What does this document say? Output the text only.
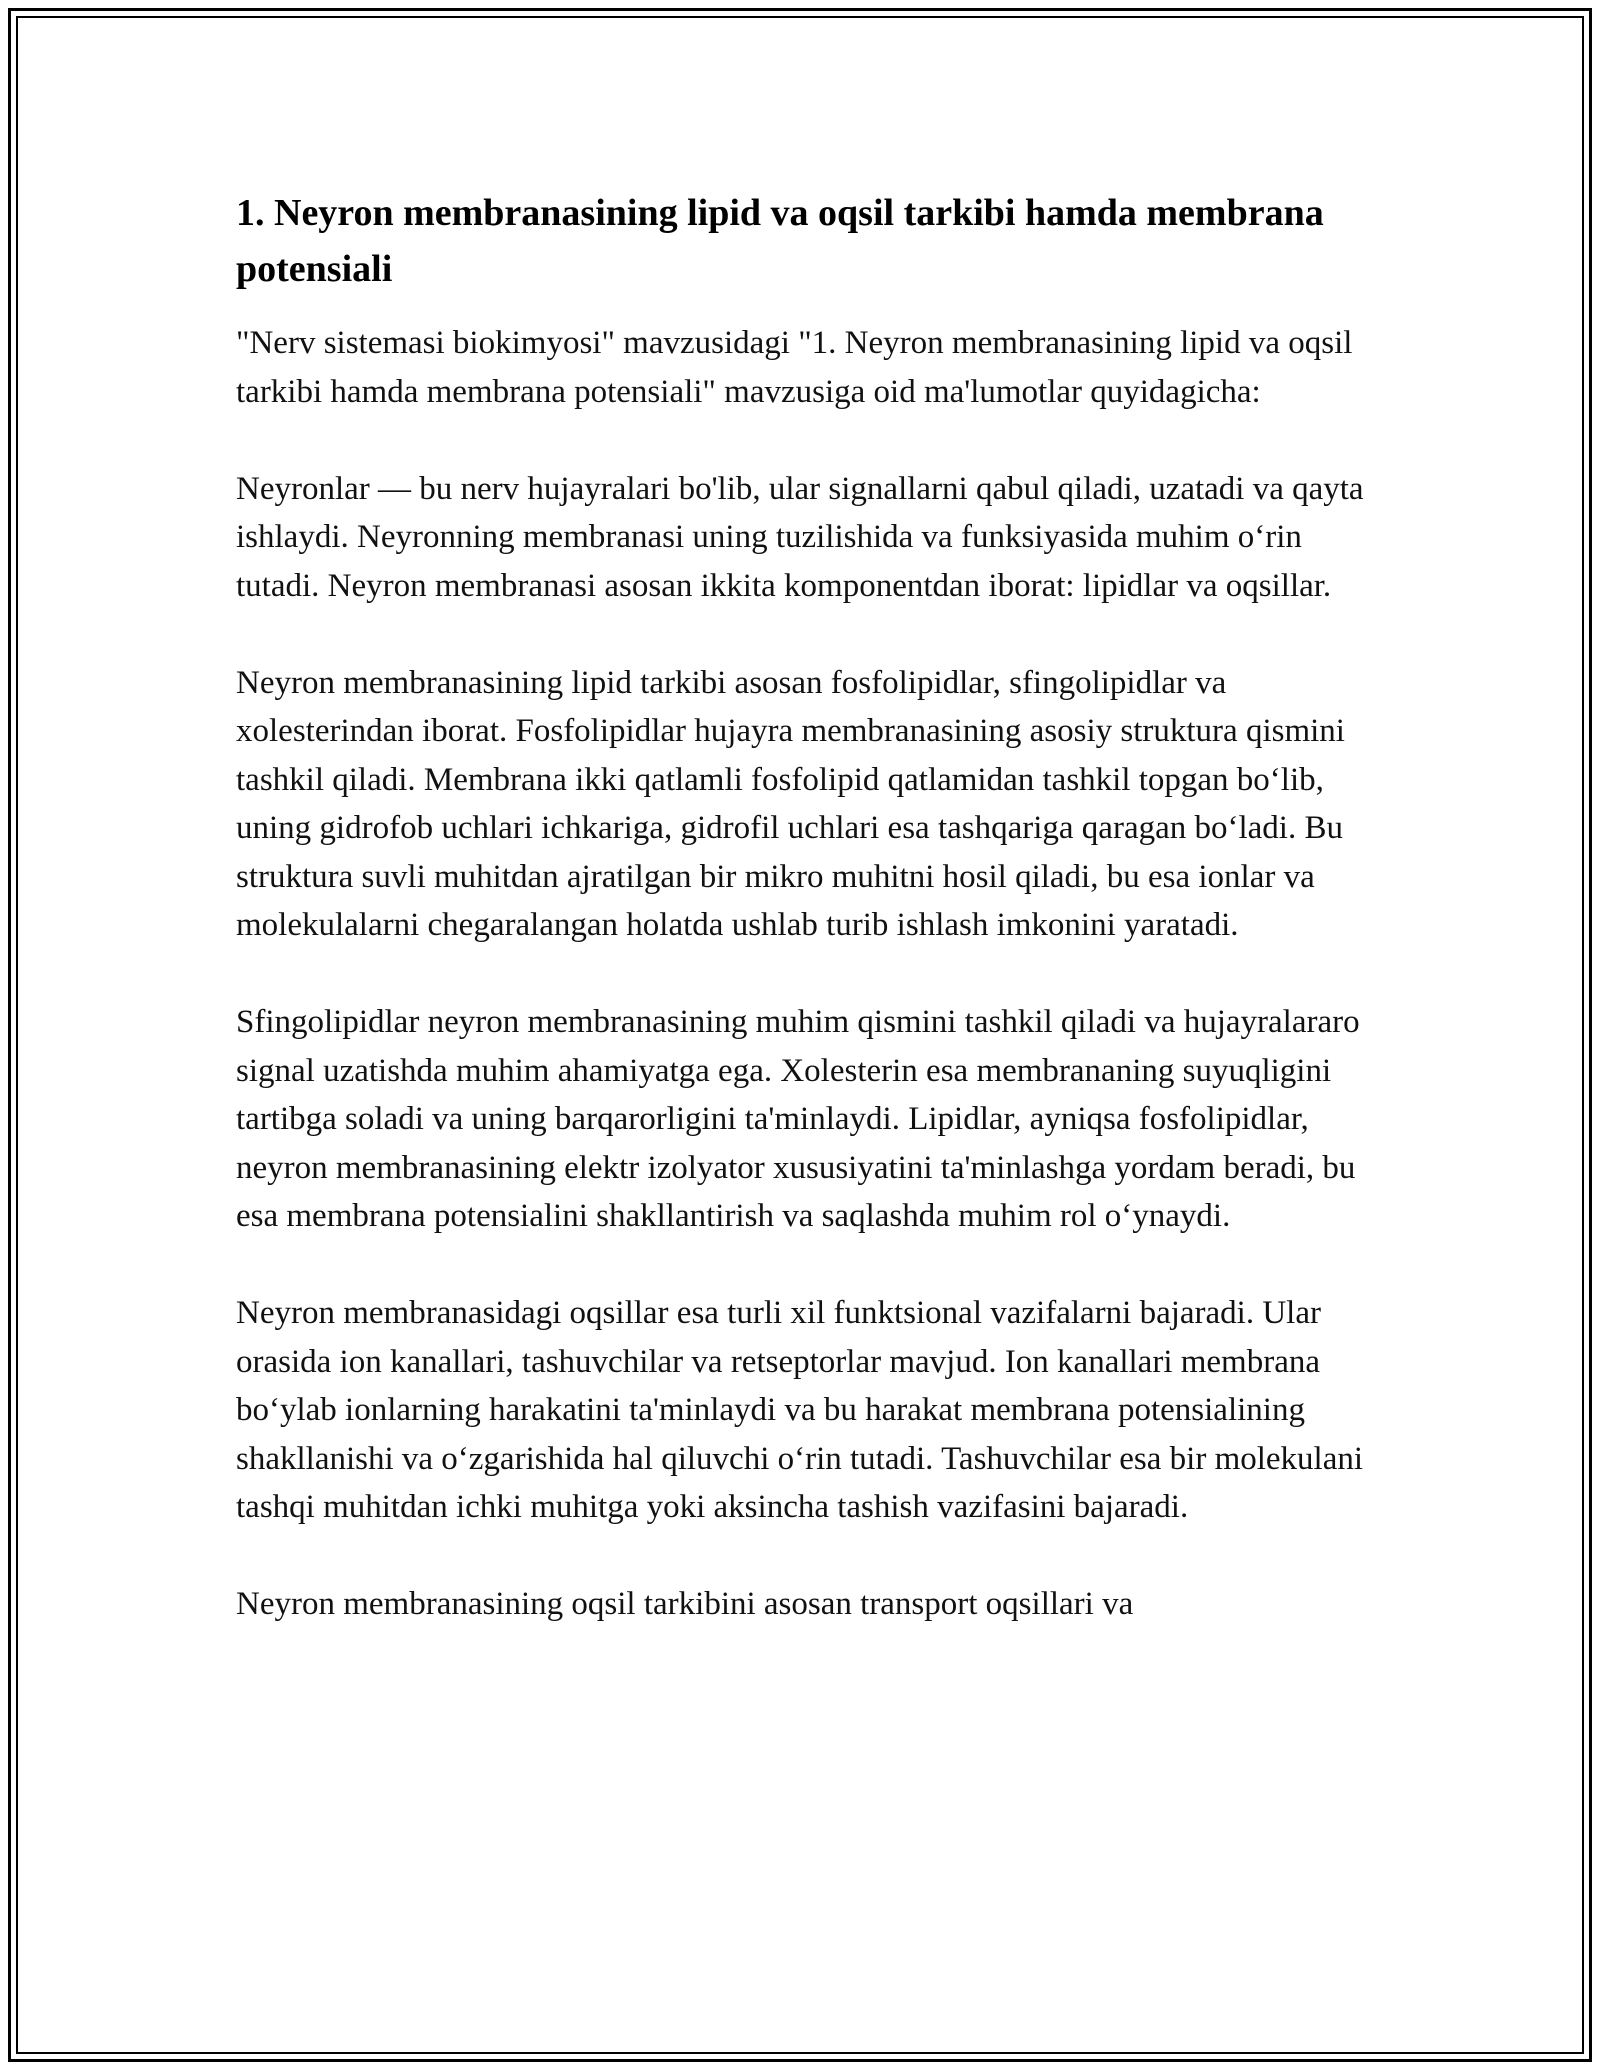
1. Neyron membranasining lipid va oqsil tarkibi hamda membrana potensiali

"Nerv sistemasi biokimyosi" mavzusidagi "1. Neyron membranasining lipid va oqsil tarkibi hamda membrana potensiali" mavzusiga oid ma'lumotlar quyidagicha:

Neyronlar — bu nerv hujayralari bo'lib, ular signallarni qabul qiladi, uzatadi va qayta ishlaydi. Neyronning membranasi uning tuzilishida va funksiyasida muhim o‘rin tutadi. Neyron membranasi asosan ikkita komponentdan iborat: lipidlar va oqsillar.

Neyron membranasining lipid tarkibi asosan fosfolipidlar, sfingolipidlar va xolesterindan iborat. Fosfolipidlar hujayra membranasining asosiy struktura qismini tashkil qiladi. Membrana ikki qatlamli fosfolipid qatlamidan tashkil topgan bo‘lib, uning gidrofob uchlari ichkariga, gidrofil uchlari esa tashqariga qaragan bo‘ladi. Bu struktura suvli muhitdan ajratilgan bir mikro muhitni hosil qiladi, bu esa ionlar va molekulalarni chegaralangan holatda ushlab turib ishlash imkonini yaratadi.

Sfingolipidlar neyron membranasining muhim qismini tashkil qiladi va hujayralararo signal uzatishda muhim ahamiyatga ega. Xolesterin esa membrananing suyuqligini tartibga soladi va uning barqarorligini ta'minlaydi. Lipidlar, ayniqsa fosfolipidlar, neyron membranasining elektr izolyator xususiyatini ta'minlashga yordam beradi, bu esa membrana potensialini shakllantirish va saqlashda muhim rol o‘ynaydi.

Neyron membranasidagi oqsillar esa turli xil funktsional vazifalarni bajaradi. Ular orasida ion kanallari, tashuvchilar va retseptorlar mavjud. Ion kanallari membrana bo‘ylab ionlarning harakatini ta'minlaydi va bu harakat membrana potensialining shakllanishi va o‘zgarishida hal qiluvchi o‘rin tutadi. Tashuvchilar esa bir molekulani tashqi muhitdan ichki muhitga yoki aksincha tashish vazifasini bajaradi.

Neyron membranasining oqsil tarkibini asosan transport oqsillari va
